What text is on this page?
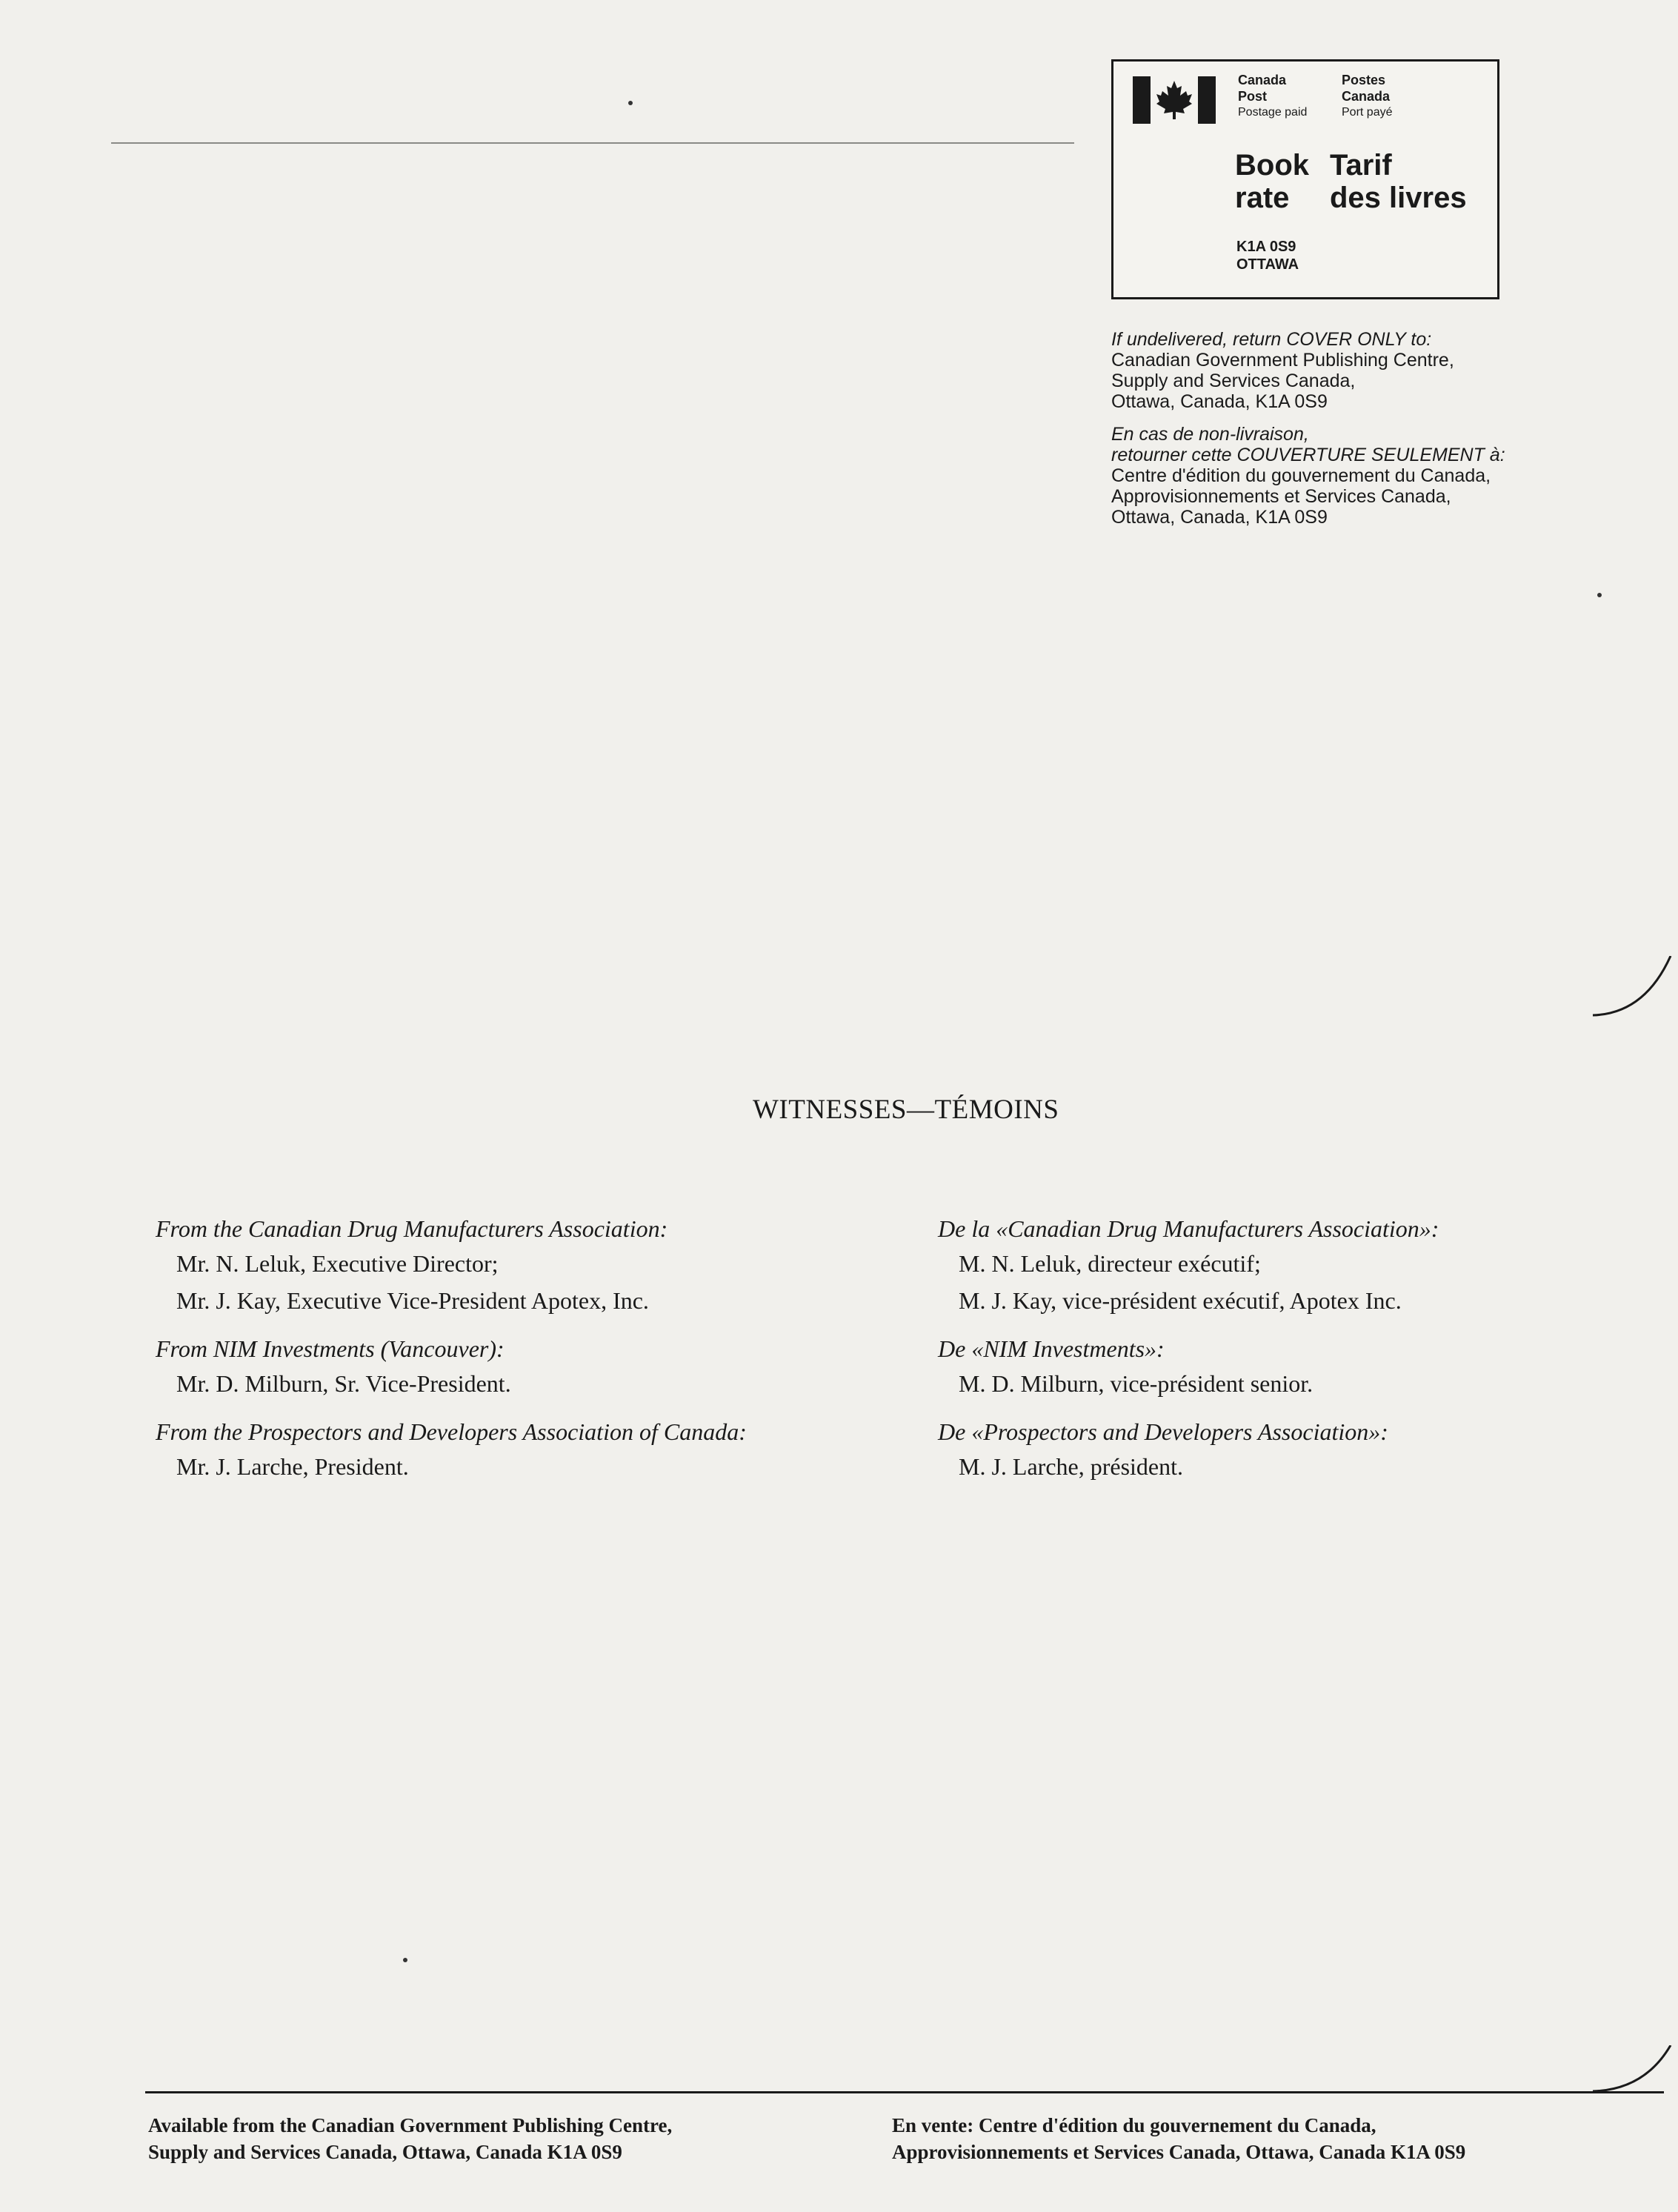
Canada
Post
Postage paid
Postes
Canada
Port payé
Book
rate
Tarif
des livres
K1A 0S9
OTTAWA

If undelivered, return COVER ONLY to:

Canadian Government Publishing Centre,

Supply and Services Canada,

Ottawa, Canada, K1A 0S9

En cas de non-livraison,

retourner cette COUVERTURE SEULEMENT à:

Centre d'édition du gouvernement du Canada,

Approvisionnements et Services Canada,

Ottawa, Canada, K1A 0S9

WITNESSES—TÉMOINS
From the Canadian Drug Manufacturers Association:
Mr. N. Leluk, Executive Director;
Mr. J. Kay, Executive Vice-President Apotex, Inc.
From NIM Investments (Vancouver):
Mr. D. Milburn, Sr. Vice-President.
From the Prospectors and Developers Association of Canada:
Mr. J. Larche, President.
De la «Canadian Drug Manufacturers Association»:
M. N. Leluk, directeur exécutif;
M. J. Kay, vice-président exécutif, Apotex Inc.
De «NIM Investments»:
M. D. Milburn, vice-président senior.
De «Prospectors and Developers Association»:
M. J. Larche, président.

Available from the Canadian Government Publishing Centre,

Supply and Services Canada, Ottawa, Canada K1A 0S9

En vente: Centre d'édition du gouvernement du Canada,

Approvisionnements et Services Canada, Ottawa, Canada K1A 0S9
